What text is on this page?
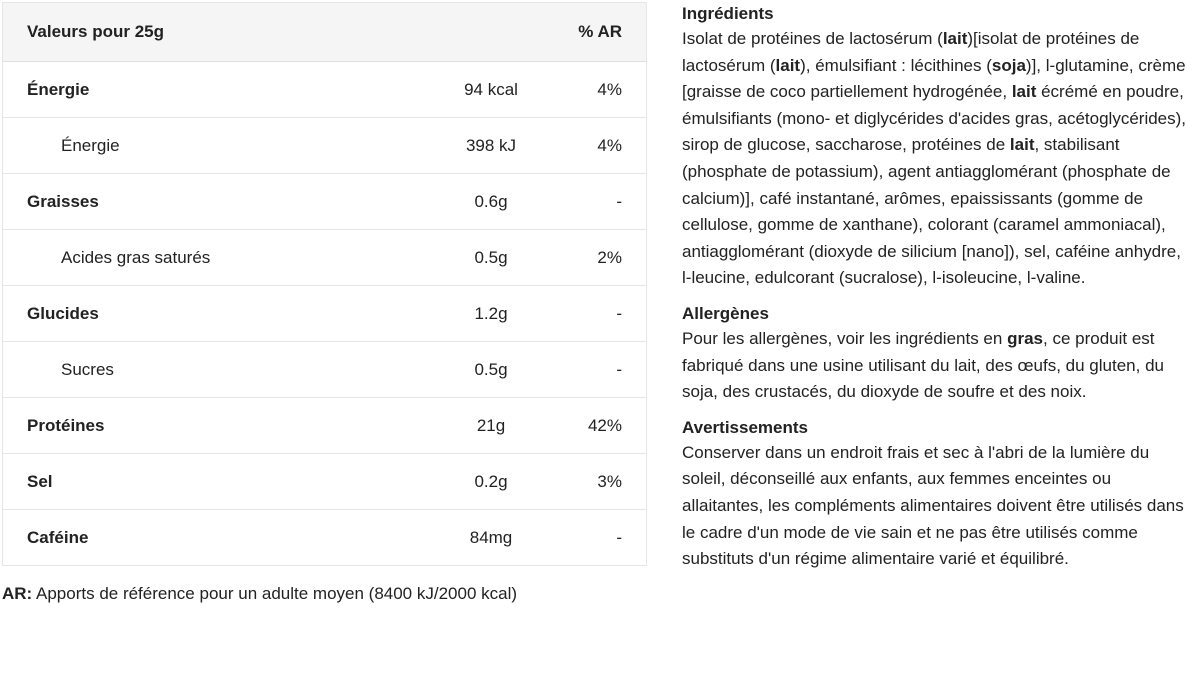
Valeurs pour 25g		% AR
Énergie	94 kcal	4%
Énergie	398 kJ	4%
Graisses	0.6g	-
Acides gras saturés	0.5g	2%
Glucides	1.2g	-
Sucres	0.5g	-
Protéines	21g	42%
Sel	0.2g	3%
Caféine	84mg	-
AR: Apports de référence pour un adulte moyen (8400 kJ/2000 kcal)
Ingrédients

Isolat de protéines de lactosérum (lait)[isolat de protéines de lactosérum (lait), émulsifiant : lécithines (soja)], l-glutamine, crème [graisse de coco partiellement hydrogénée, lait écrémé en poudre, émulsifiants (mono- et diglycérides d'acides gras, acétoglycérides), sirop de glucose, saccharose, protéines de lait, stabilisant (phosphate de potassium), agent antiagglomérant (phosphate de calcium)], café instantané, arômes, epaississants (gomme de cellulose, gomme de xanthane), colorant (caramel ammoniacal), antiagglomérant (dioxyde de silicium [nano]), sel, caféine anhydre, l-leucine, edulcorant (sucralose), l-isoleucine, l-valine.

Allergènes

Pour les allergènes, voir les ingrédients en gras, ce produit est fabriqué dans une usine utilisant du lait, des œufs, du gluten, du soja, des crustacés, du dioxyde de soufre et des noix.

Avertissements

Conserver dans un endroit frais et sec à l'abri de la lumière du soleil, déconseillé aux enfants, aux femmes enceintes ou allaitantes, les compléments alimentaires doivent être utilisés dans le cadre d'un mode de vie sain et ne pas être utilisés comme substituts d'un régime alimentaire varié et équilibré.
